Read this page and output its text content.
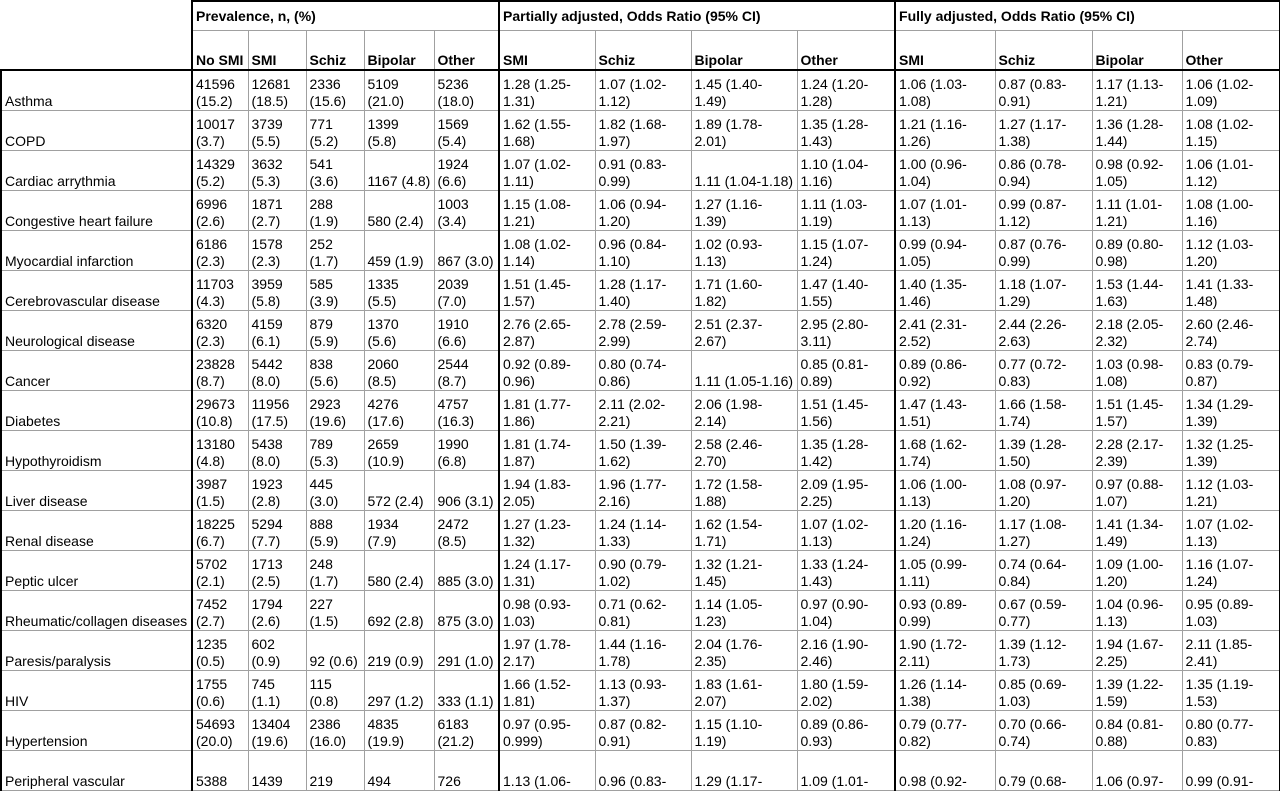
	Prevalence, n, (%)					Partially adjusted, Odds Ratio (95% CI)				Fully adjusted, Odds Ratio (95% CI)			
	No SMI	SMI	Schiz	Bipolar	Other	SMI	Schiz	Bipolar	Other	SMI	Schiz	Bipolar	Other
Asthma	41596 (15.2)	12681 (18.5)	2336 (15.6)	5109 (21.0)	5236 (18.0)	1.28 (1.25-1.31)	1.07 (1.02-1.12)	1.45 (1.40-1.49)	1.24 (1.20-1.28)	1.06 (1.03-1.08)	0.87 (0.83-0.91)	1.17 (1.13-1.21)	1.06 (1.02-1.09)
COPD	10017 (3.7)	3739 (5.5)	771 (5.2)	1399 (5.8)	1569 (5.4)	1.62 (1.55-1.68)	1.82 (1.68-1.97)	1.89 (1.78-2.01)	1.35 (1.28-1.43)	1.21 (1.16-1.26)	1.27 (1.17-1.38)	1.36 (1.28-1.44)	1.08 (1.02-1.15)
Cardiac arrythmia	14329 (5.2)	3632 (5.3)	541 (3.6)	1167 (4.8)	1924 (6.6)	1.07 (1.02-1.11)	0.91 (0.83-0.99)	1.11 (1.04-1.18)	1.10 (1.04-1.16)	1.00 (0.96-1.04)	0.86 (0.78-0.94)	0.98 (0.92-1.05)	1.06 (1.01-1.12)
Congestive heart failure	6996 (2.6)	1871 (2.7)	288 (1.9)	580 (2.4)	1003 (3.4)	1.15 (1.08-1.21)	1.06 (0.94-1.20)	1.27 (1.16-1.39)	1.11 (1.03-1.19)	1.07 (1.01-1.13)	0.99 (0.87-1.12)	1.11 (1.01-1.21)	1.08 (1.00-1.16)
Myocardial infarction	6186 (2.3)	1578 (2.3)	252 (1.7)	459 (1.9)	867 (3.0)	1.08 (1.02-1.14)	0.96 (0.84-1.10)	1.02 (0.93-1.13)	1.15 (1.07-1.24)	0.99 (0.94-1.05)	0.87 (0.76-0.99)	0.89 (0.80-0.98)	1.12 (1.03-1.20)
Cerebrovascular disease	11703 (4.3)	3959 (5.8)	585 (3.9)	1335 (5.5)	2039 (7.0)	1.51 (1.45-1.57)	1.28 (1.17-1.40)	1.71 (1.60-1.82)	1.47 (1.40-1.55)	1.40 (1.35-1.46)	1.18 (1.07-1.29)	1.53 (1.44-1.63)	1.41 (1.33-1.48)
Neurological disease	6320 (2.3)	4159 (6.1)	879 (5.9)	1370 (5.6)	1910 (6.6)	2.76 (2.65-2.87)	2.78 (2.59-2.99)	2.51 (2.37-2.67)	2.95 (2.80-3.11)	2.41 (2.31-2.52)	2.44 (2.26-2.63)	2.18 (2.05-2.32)	2.60 (2.46-2.74)
Cancer	23828 (8.7)	5442 (8.0)	838 (5.6)	2060 (8.5)	2544 (8.7)	0.92 (0.89-0.96)	0.80 (0.74-0.86)	1.11 (1.05-1.16)	0.85 (0.81-0.89)	0.89 (0.86-0.92)	0.77 (0.72-0.83)	1.03 (0.98-1.08)	0.83 (0.79-0.87)
Diabetes	29673 (10.8)	11956 (17.5)	2923 (19.6)	4276 (17.6)	4757 (16.3)	1.81 (1.77-1.86)	2.11 (2.02-2.21)	2.06 (1.98-2.14)	1.51 (1.45-1.56)	1.47 (1.43-1.51)	1.66 (1.58-1.74)	1.51 (1.45-1.57)	1.34 (1.29-1.39)
Hypothyroidism	13180 (4.8)	5438 (8.0)	789 (5.3)	2659 (10.9)	1990 (6.8)	1.81 (1.74-1.87)	1.50 (1.39-1.62)	2.58 (2.46-2.70)	1.35 (1.28-1.42)	1.68 (1.62-1.74)	1.39 (1.28-1.50)	2.28 (2.17-2.39)	1.32 (1.25-1.39)
Liver disease	3987 (1.5)	1923 (2.8)	445 (3.0)	572 (2.4)	906 (3.1)	1.94 (1.83-2.05)	1.96 (1.77-2.16)	1.72 (1.58-1.88)	2.09 (1.95-2.25)	1.06 (1.00-1.13)	1.08 (0.97-1.20)	0.97 (0.88-1.07)	1.12 (1.03-1.21)
Renal disease	18225 (6.7)	5294 (7.7)	888 (5.9)	1934 (7.9)	2472 (8.5)	1.27 (1.23-1.32)	1.24 (1.14-1.33)	1.62 (1.54-1.71)	1.07 (1.02-1.13)	1.20 (1.16-1.24)	1.17 (1.08-1.27)	1.41 (1.34-1.49)	1.07 (1.02-1.13)
Peptic ulcer	5702 (2.1)	1713 (2.5)	248 (1.7)	580 (2.4)	885 (3.0)	1.24 (1.17-1.31)	0.90 (0.79-1.02)	1.32 (1.21-1.45)	1.33 (1.24-1.43)	1.05 (0.99-1.11)	0.74 (0.64-0.84)	1.09 (1.00-1.20)	1.16 (1.07-1.24)
Rheumatic/collagen diseases	7452 (2.7)	1794 (2.6)	227 (1.5)	692 (2.8)	875 (3.0)	0.98 (0.93-1.03)	0.71 (0.62-0.81)	1.14 (1.05-1.23)	0.97 (0.90-1.04)	0.93 (0.89-0.99)	0.67 (0.59-0.77)	1.04 (0.96-1.13)	0.95 (0.89-1.03)
Paresis/paralysis	1235 (0.5)	602 (0.9)	92 (0.6)	219 (0.9)	291 (1.0)	1.97 (1.78-2.17)	1.44 (1.16-1.78)	2.04 (1.76-2.35)	2.16 (1.90-2.46)	1.90 (1.72-2.11)	1.39 (1.12-1.73)	1.94 (1.67-2.25)	2.11 (1.85-2.41)
HIV	1755 (0.6)	745 (1.1)	115 (0.8)	297 (1.2)	333 (1.1)	1.66 (1.52-1.81)	1.13 (0.93-1.37)	1.83 (1.61-2.07)	1.80 (1.59-2.02)	1.26 (1.14-1.38)	0.85 (0.69-1.03)	1.39 (1.22-1.59)	1.35 (1.19-1.53)
Hypertension	54693 (20.0)	13404 (19.6)	2386 (16.0)	4835 (19.9)	6183 (21.2)	0.97 (0.95-0.999)	0.87 (0.82-0.91)	1.15 (1.10-1.19)	0.89 (0.86-0.93)	0.79 (0.77-0.82)	0.70 (0.66-0.74)	0.84 (0.81-0.88)	0.80 (0.77-0.83)
Peripheral vascular	5388	1439	219	494	726	1.13 (1.06-	0.96 (0.83-	1.29 (1.17-	1.09 (1.01-	0.98 (0.92-	0.79 (0.68-	1.06 (0.97-	0.99 (0.91-
